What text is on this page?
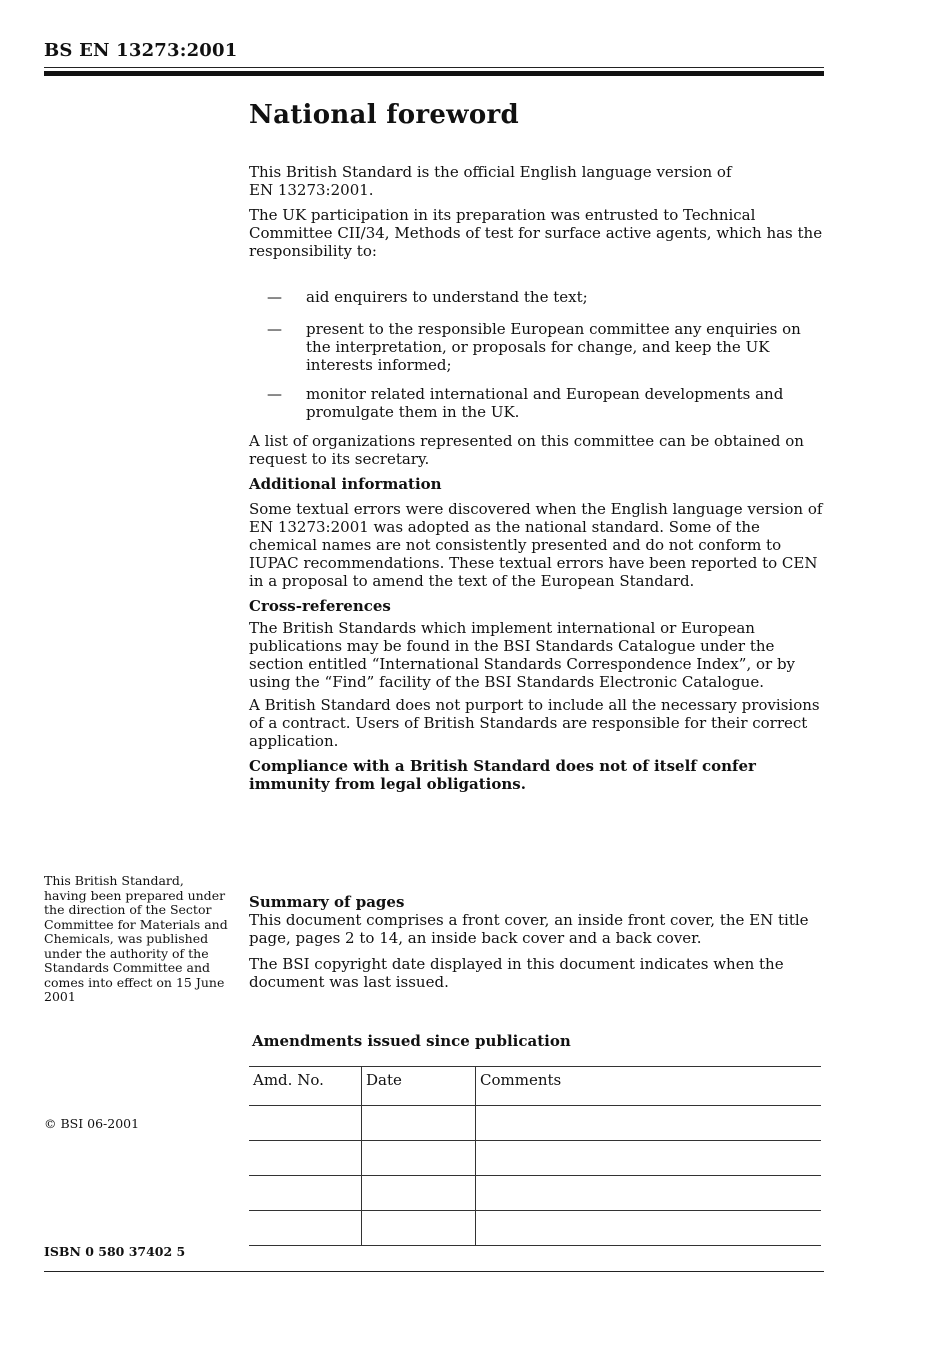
BS EN 13273:2001
National foreword

This British Standard is the official English language version of EN 13273:2001.

The UK participation in its preparation was entrusted to Technical Committee CII/34, Methods of test for surface active agents, which has the responsibility to:

— aid enquirers to understand the text;
— present to the responsible European committee any enquiries on the interpretation, or proposals for change, and keep the UK interests informed;
— monitor related international and European developments and promulgate them in the UK.

A list of organizations represented on this committee can be obtained on request to its secretary.

Additional information

Some textual errors were discovered when the English language version of EN 13273:2001 was adopted as the national standard. Some of the chemical names are not consistently presented and do not conform to IUPAC recommendations. These textual errors have been reported to CEN in a proposal to amend the text of the European Standard.

Cross-references

The British Standards which implement international or European publications may be found in the BSI Standards Catalogue under the section entitled “International Standards Correspondence Index”, or by using the “Find” facility of the BSI Standards Electronic Catalogue.

A British Standard does not purport to include all the necessary provisions of a contract. Users of British Standards are responsible for their correct application.

Compliance with a British Standard does not of itself confer immunity from legal obligations.

Summary of pages

This document comprises a front cover, an inside front cover, the EN title page, pages 2 to 14, an inside back cover and a back cover.

The BSI copyright date displayed in this document indicates when the document was last issued.

This British Standard, having been prepared under the direction of the Sector Committee for Materials and Chemicals, was published under the authority of the Standards Committee and comes into effect on 15 June 2001
© BSI 06-2001
ISBN 0 580 37402 5
Amendments issued since publication
Amd. No.	Date	Comments
